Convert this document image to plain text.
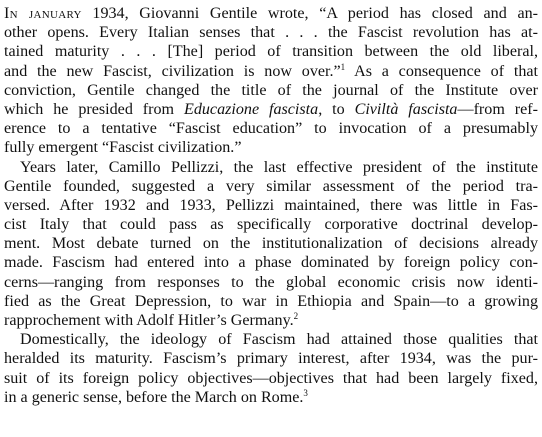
In january 1934, Giovanni Gentile wrote, “A period has closed and an-
other opens. Every Italian senses that . . . the Fascist revolution has at-
tained maturity . . . [The] period of transition between the old liberal,
and the new Fascist, civilization is now over.”$^1$ As a consequence of that
conviction, Gentile changed the title of the journal of the Institute over
which he presided from Educazione fascista, to Civiltà fascista—from ref-
erence to a tentative “Fascist education” to invocation of a presumably
fully emergent “Fascist civilization.”
Years later, Camillo Pellizzi, the last effective president of the institute
Gentile founded, suggested a very similar assessment of the period tra-
versed. After 1932 and 1933, Pellizzi maintained, there was little in Fas-
cist Italy that could pass as specifically corporative doctrinal develop-
ment. Most debate turned on the institutionalization of decisions already
made. Fascism had entered into a phase dominated by foreign policy con-
cerns—ranging from responses to the global economic crisis now identi-
fied as the Great Depression, to war in Ethiopia and Spain—to a growing
rapprochement with Adolf Hitler’s Germany.$^2$
Domestically, the ideology of Fascism had attained those qualities that
heralded its maturity. Fascism’s primary interest, after 1934, was the pur-
suit of its foreign policy objectives—objectives that had been largely fixed,
in a generic sense, before the March on Rome.$^3$
